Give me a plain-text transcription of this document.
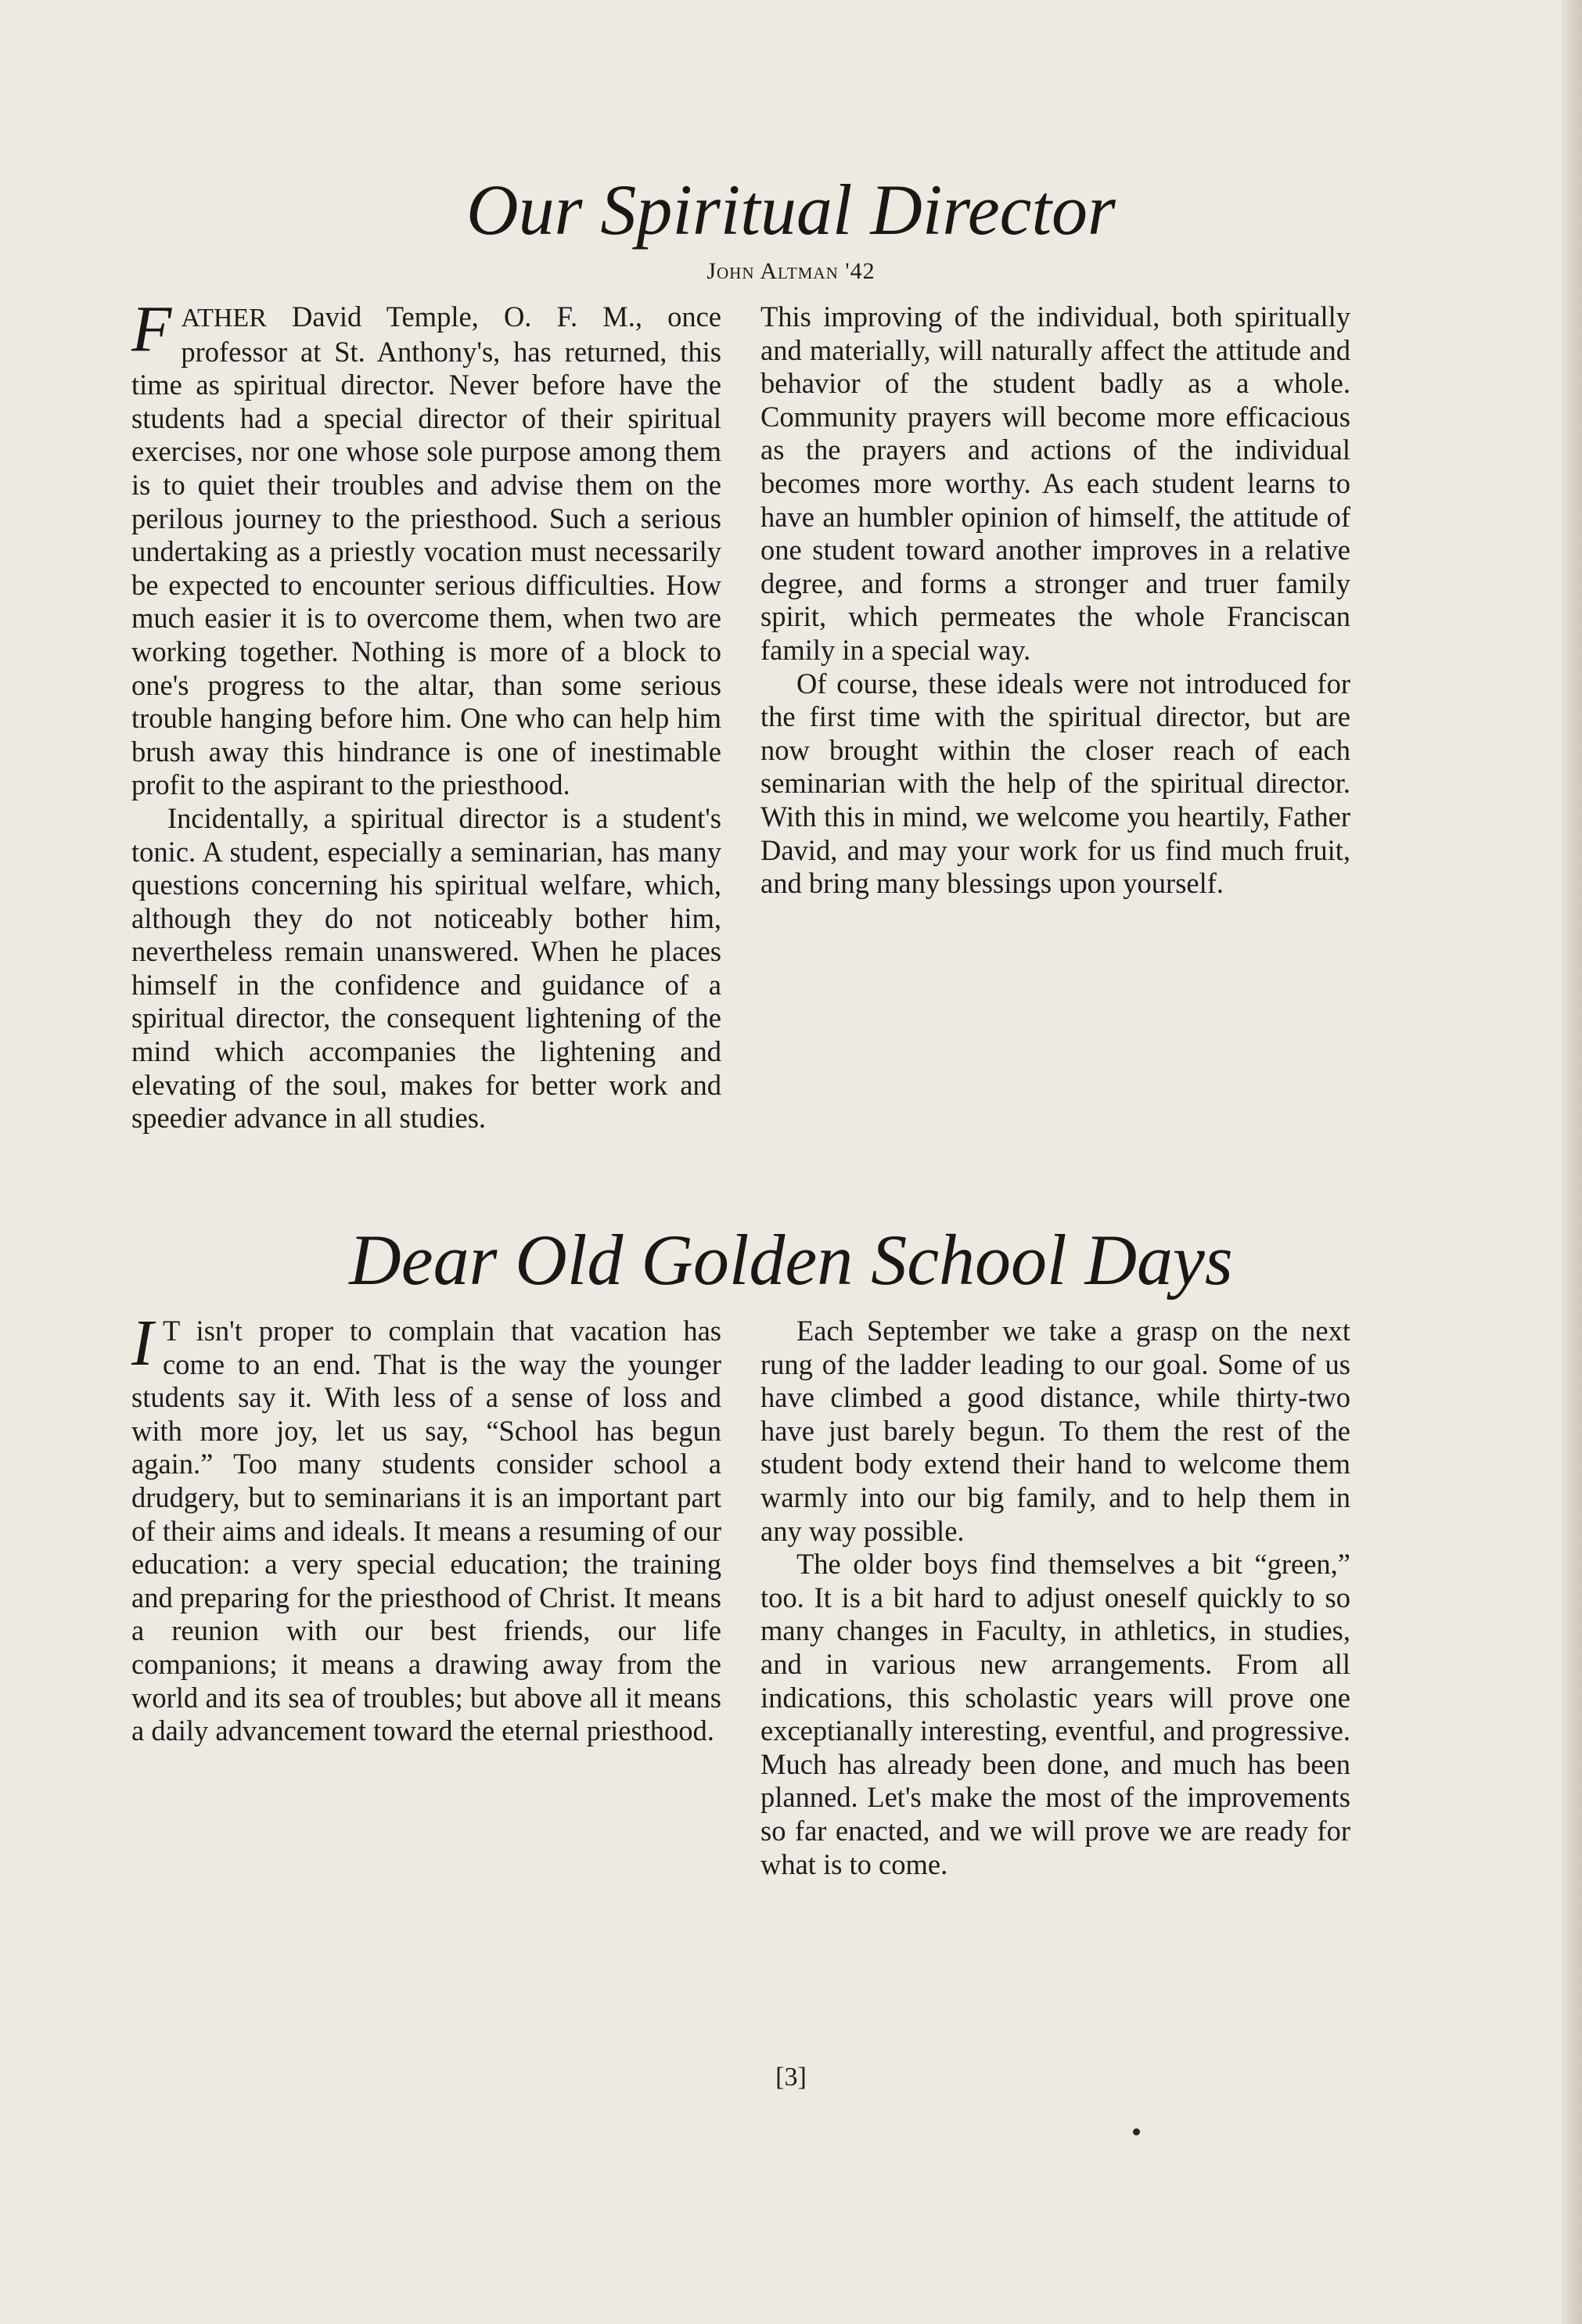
Our Spiritual Director
John Altman '42

FATHER David Temple, O. F. M., once professor at St. Anthony's, has returned, this time as spiritual director. Never before have the students had a special director of their spiritual exercises, nor one whose sole purpose among them is to quiet their troubles and advise them on the perilous journey to the priesthood. Such a serious undertaking as a priestly vocation must necessarily be expected to encounter serious difficulties. How much easier it is to overcome them, when two are working together. Nothing is more of a block to one's progress to the altar, than some serious trouble hanging before him. One who can help him brush away this hindrance is one of inestimable profit to the aspirant to the priesthood.

Incidentally, a spiritual director is a student's tonic. A student, especially a seminarian, has many questions concerning his spiritual welfare, which, although they do not noticeably bother him, nevertheless remain unanswered. When he places himself in the confidence and guidance of a spiritual director, the consequent lightening of the mind which accompanies the lightening and elevating of the soul, makes for better work and speedier advance in all studies.

This improving of the individual, both spiritually and materially, will naturally affect the attitude and behavior of the student badly as a whole. Community prayers will become more efficacious as the prayers and actions of the individual becomes more worthy. As each student learns to have an humbler opinion of himself, the attitude of one student toward another improves in a relative degree, and forms a stronger and truer family spirit, which permeates the whole Franciscan family in a special way.

Of course, these ideals were not introduced for the first time with the spiritual director, but are now brought within the closer reach of each seminarian with the help of the spiritual director. With this in mind, we welcome you heartily, Father David, and may your work for us find much fruit, and bring many blessings upon yourself.

Dear Old Golden School Days

I T isn't proper to complain that vacation has come to an end. That is the way the younger students say it. With less of a sense of loss and with more joy, let us say, “School has begun again.” Too many students consider school a drudgery, but to seminarians it is an important part of their aims and ideals. It means a resuming of our education: a very special education; the training and preparing for the priesthood of Christ. It means a reunion with our best friends, our life companions; it means a drawing away from the world and its sea of troubles; but above all it means a daily advancement toward the eternal priesthood.

Each September we take a grasp on the next rung of the ladder leading to our goal. Some of us have climbed a good distance, while thirty-two have just barely begun. To them the rest of the student body extend their hand to welcome them warmly into our big family, and to help them in any way possible.

The older boys find themselves a bit “green,” too. It is a bit hard to adjust oneself quickly to so many changes in Faculty, in athletics, in studies, and in various new arrangements. From all indications, this scholastic years will prove one exceptianally interesting, eventful, and progressive. Much has already been done, and much has been planned. Let's make the most of the improvements so far enacted, and we will prove we are ready for what is to come.

[3]
